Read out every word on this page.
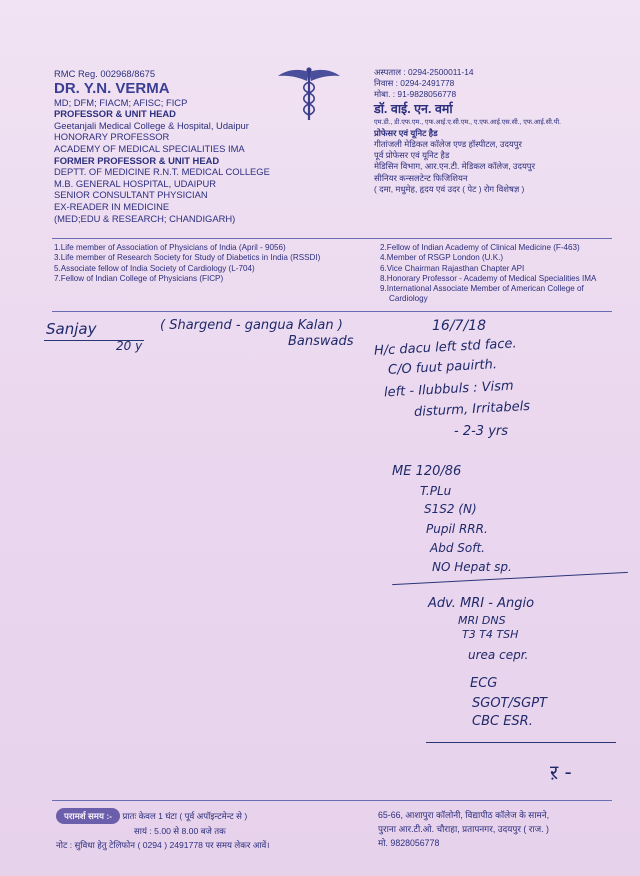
RMC Reg. 002968/8675
DR. Y.N. VERMA
MD; DFM; FIACM; AFISC; FICP
PROFESSOR & UNIT HEAD
Geetanjali Medical College & Hospital, Udaipur
HONORARY PROFESSOR
ACADEMY OF MEDICAL SPECIALITIES IMA
FORMER PROFESSOR & UNIT HEAD
DEPTT. OF MEDICINE R.N.T. MEDICAL COLLEGE
M.B. GENERAL HOSPITAL, UDAIPUR
SENIOR CONSULTANT PHYSICIAN
EX-READER IN MEDICINE
(MED;EDU & RESEARCH; CHANDIGARH)
अस्पताल : 0294-2500011-14
निवास : 0294-2491778
मोबा. : 91-9828056778
डॉ. वाई. एन. वर्मा
एम.डी., डी.एफ.एम., एफ.आई.ए.सी.एम., ए.एफ.आई.एस.सी., एफ.आई.सी.पी.
प्रोफेसर एवं यूनिट हैड
गीतांजली मेडिकल कॉलेज एण्ड हॉस्पीटल, उदयपुर
पूर्व प्रोफेसर एवं यूनिट हैड
मेडिसिन विभाग, आर.एन.टी. मेडिकल कॉलेज, उदयपुर
सीनियर कन्सलटेन्ट फिजिशियन
( दमा, मधुमेह, हृदय एवं उदर ( पेट ) रोग विशेषज्ञ )
1.Life member of Association of Physicians of India (April - 9056)
3.Life member of Research Society for Study of Diabetics in India (RSSDI)
5.Associate fellow of India Society of Cardiology (L-704)
7.Fellow of Indian College of Physicians (FICP)
2.Fellow of Indian Academy of Clinical Medicine (F-463)
4.Member of RSGP London (U.K.)
6.Vice Chairman Rajasthan Chapter API
8.Honorary Professor - Academy of Medical Specialities IMA
9.International Associate Member of American College of
Cardiology
Sanjay
20 y
( Shargend - gangua Kalan )
Banswads
16/7/18
H/c dacu left std face.
C/O fuut pauirth.
left - Ilubbuls : Vism
disturm, Irritabels
- 2-3 yrs
ME 120/86
T.PLu
S1S2 (N)
Pupil RRR.
Abd Soft.
NO Hepat sp.
Adv. MRI - Angio
MRI DNS
T3 T4 TSH
urea cepr.
ECG
SGOT/SGPT
CBC ESR.
ऱ -
परामर्श समय :- प्रातः केवल 1 घंटा ( पूर्व अपॉइन्टमेन्ट से )
सायं : 5.00 से 8.00 बजे तक
नोट : सुविधा हेतु टेलिफोन ( 0294 ) 2491778 पर समय लेकर आवें।
65-66, आशापुरा कॉलोनी, विद्यापीठ कॉलेज के सामने,
पुराना आर.टी.ओ. चौराहा, प्रतापनगर, उदयपुर ( राज. )
मो. 9828056778
